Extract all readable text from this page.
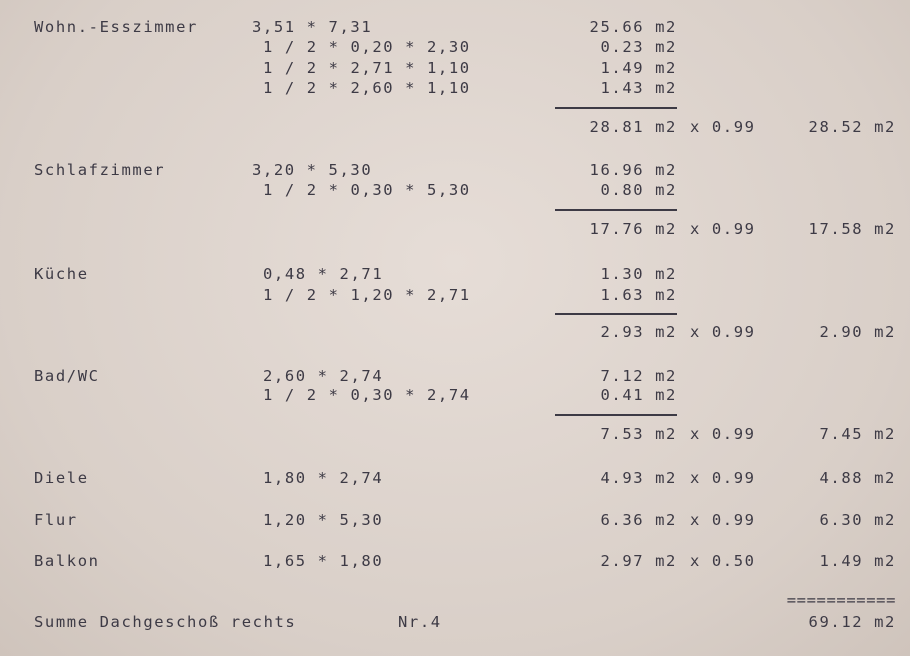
Wohn.-Esszimmer	3,51 * 7,31	25.66 m2
1 / 2 * 0,20 * 2,30	0.23 m2
1 / 2 * 2,71 * 1,10	1.49 m2
1 / 2 * 2,60 * 1,10	1.43 m2
28.81 m2 x 0.99	28.52 m2
Schlafzimmer	3,20 * 5,30	16.96 m2
1 / 2 * 0,30 * 5,30	0.80 m2
17.76 m2 x 0.99	17.58 m2
Küche	0,48 * 2,71	1.30 m2
1 / 2 * 1,20 * 2,71	1.63 m2
2.93 m2 x 0.99	2.90 m2
Bad/WC	2,60 * 2,74	7.12 m2
1 / 2 * 0,30 * 2,74	0.41 m2
7.53 m2 x 0.99	7.45 m2
Diele	1,80 * 2,74	4.93 m2 x 0.99	4.88 m2
Flur	1,20 * 5,30	6.36 m2 x 0.99	6.30 m2
Balkon	1,65 * 1,80	2.97 m2 x 0.50	1.49 m2
===========
Summe Dachgeschoß rechts	Nr.4	69.12 m2
